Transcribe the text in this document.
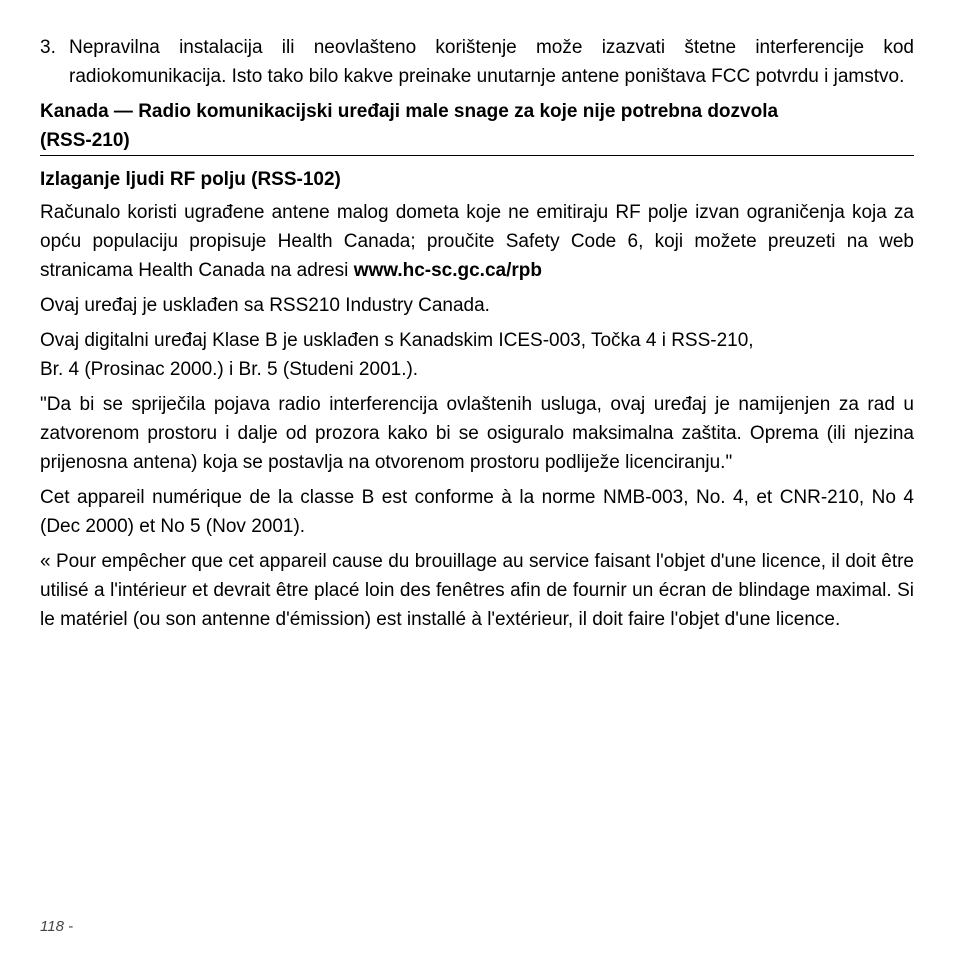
3. Nepravilna instalacija ili neovlašteno korištenje može izazvati štetne interferencije kod radiokomunikacija. Isto tako bilo kakve preinake unutarnje antene poništava FCC potvrdu i jamstvo.
Kanada — Radio komunikacijski uređaji male snage za koje nije potrebna dozvola
(RSS-210)
Izlaganje ljudi RF polju (RSS-102)

Računalo koristi ugrađene antene malog dometa koje ne emitiraju RF polje izvan ograničenja koja za opću populaciju propisuje Health Canada; proučite Safety Code 6, koji možete preuzeti na web stranicama Health Canada na adresi www.hc-sc.gc.ca/rpb

Ovaj uređaj je usklađen sa RSS210 Industry Canada.

Ovaj digitalni uređaj Klase B je usklađen s Kanadskim ICES-003, Točka 4 i RSS-210,
Br. 4 (Prosinac 2000.) i Br. 5 (Studeni 2001.).

"Da bi se spriječila pojava radio interferencija ovlaštenih usluga, ovaj uređaj je namijenjen za rad u zatvorenom prostoru i dalje od prozora kako bi se osiguralo maksimalna zaštita. Oprema (ili njezina prijenosna antena) koja se postavlja na otvorenom prostoru podliježe licenciranju."

Cet appareil numérique de la classe B est conforme à la norme NMB-003, No. 4, et CNR-210, No 4 (Dec 2000) et No 5 (Nov 2001).

« Pour empêcher que cet appareil cause du brouillage au service faisant l'objet d'une licence, il doit être utilisé a l'intérieur et devrait être placé loin des fenêtres afin de fournir un écran de blindage maximal. Si le matériel (ou son antenne d'émission) est installé à l'extérieur, il doit faire l'objet d'une licence.

118 -
